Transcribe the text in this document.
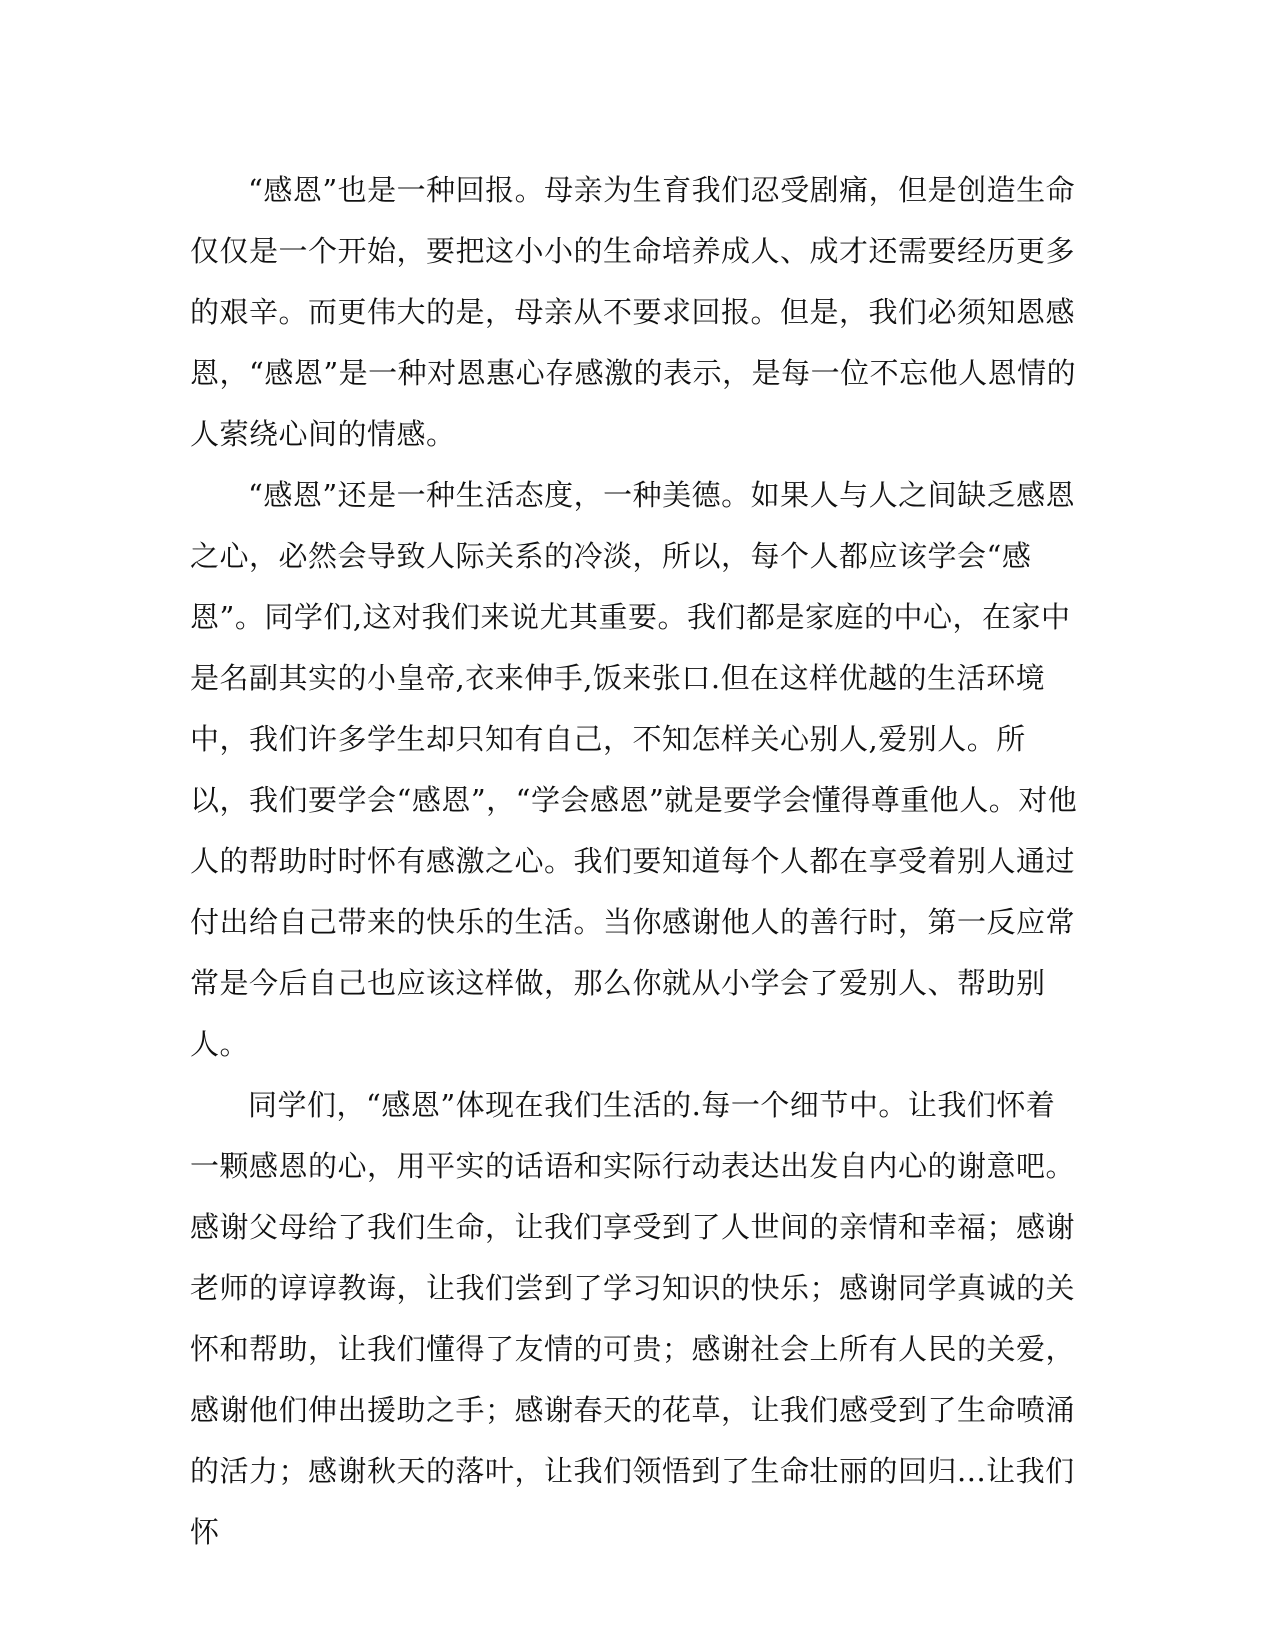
“感恩”也是一种回报。母亲为生育我们忍受剧痛，但是创造生命仅仅是一个开始，要把这小小的生命培养成人、成才还需要经历更多的艰辛。而更伟大的是，母亲从不要求回报。但是，我们必须知恩感恩，“感恩”是一种对恩惠心存感激的表示，是每一位不忘他人恩情的人萦绕心间的情感。

“感恩”还是一种生活态度，一种美德。如果人与人之间缺乏感恩之心，必然会导致人际关系的冷淡，所以，每个人都应该学会“感恩”。同学们,这对我们来说尤其重要。我们都是家庭的中心，在家中是名副其实的小皇帝,衣来伸手,饭来张口.但在这样优越的生活环境中，我们许多学生却只知有自己，不知怎样关心别人,爱别人。所以，我们要学会“感恩”，“学会感恩”就是要学会懂得尊重他人。对他人的帮助时时怀有感激之心。我们要知道每个人都在享受着别人通过付出给自己带来的快乐的生活。当你感谢他人的善行时，第一反应常常是今后自己也应该这样做，那么你就从小学会了爱别人、帮助别人。

同学们，“感恩”体现在我们生活的.每一个细节中。让我们怀着一颗感恩的心，用平实的话语和实际行动表达出发自内心的谢意吧。感谢父母给了我们生命，让我们享受到了人世间的亲情和幸福；感谢老师的谆谆教诲，让我们尝到了学习知识的快乐；感谢同学真诚的关怀和帮助，让我们懂得了友情的可贵；感谢社会上所有人民的关爱，感谢他们伸出援助之手；感谢春天的花草，让我们感受到了生命喷涌的活力；感谢秋天的落叶，让我们领悟到了生命壮丽的回归...让我们怀
